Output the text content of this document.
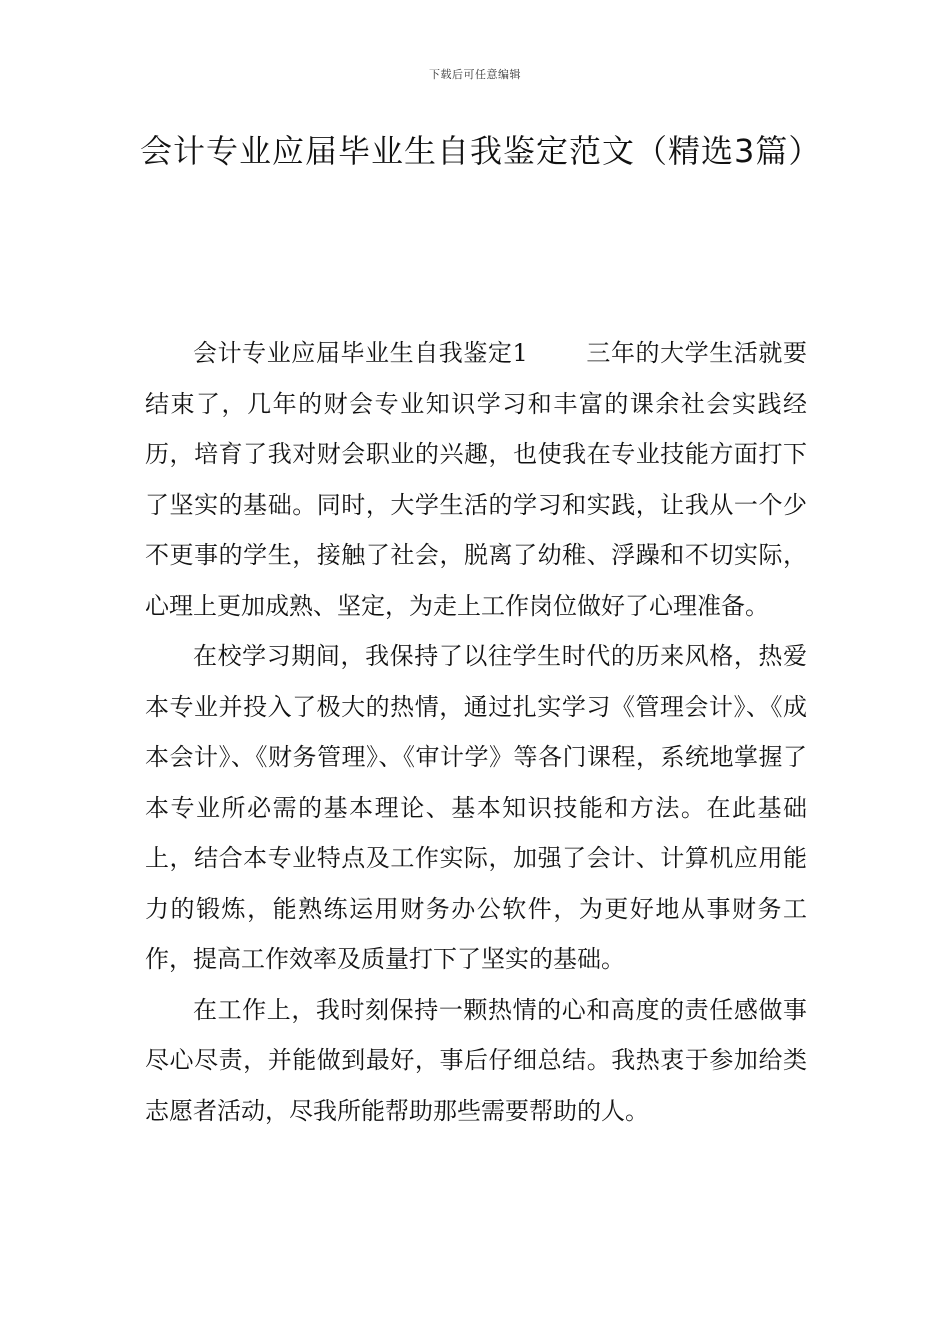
下载后可任意编辑
会计专业应届毕业生自我鉴定范文（精选3篇）

会计专业应届毕业生自我鉴定1 三年的大学生活就要结束了，几年的财会专业知识学习和丰富的课余社会实践经历，培育了我对财会职业的兴趣，也使我在专业技能方面打下了坚实的基础。同时，大学生活的学习和实践，让我从一个少不更事的学生，接触了社会，脱离了幼稚、浮躁和不切实际，心理上更加成熟、坚定，为走上工作岗位做好了心理准备。

在校学习期间，我保持了以往学生时代的历来风格，热爱本专业并投入了极大的热情，通过扎实学习《管理会计》、《成本会计》、《财务管理》、《审计学》等各门课程，系统地掌握了本专业所必需的基本理论、基本知识技能和方法。在此基础上，结合本专业特点及工作实际，加强了会计、计算机应用能力的锻炼，能熟练运用财务办公软件，为更好地从事财务工作，提高工作效率及质量打下了坚实的基础。

在工作上，我时刻保持一颗热情的心和高度的责任感做事尽心尽责，并能做到最好，事后仔细总结。我热衷于参加给类志愿者活动，尽我所能帮助那些需要帮助的人。
